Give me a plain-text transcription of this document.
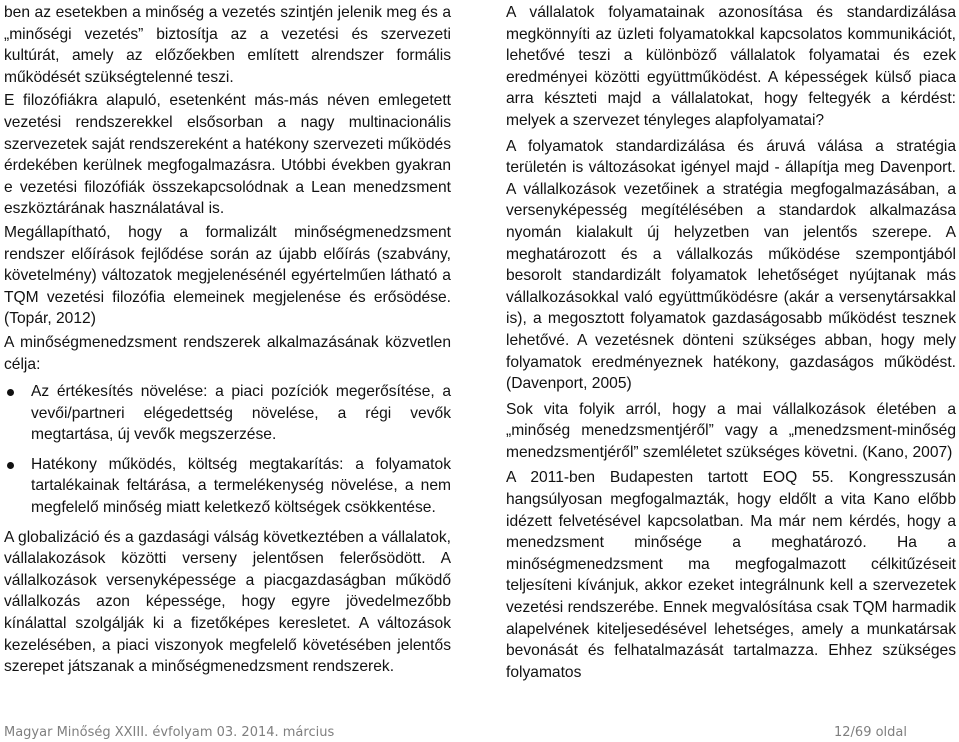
ben az esetekben a minőség a vezetés szintjén jelenik meg és a „minőségi vezetés” biztosítja az a vezetési és szervezeti kultúrát, amely az előzőekben említett alrendszer formális működését szükségtelenné teszi.

E filozófiákra alapuló, esetenként más-más néven emlegetett vezetési rendszerekkel elsősorban a nagy multinacionális szervezetek saját rendszereként a hatékony szervezeti működés érdekében kerülnek megfogalmazásra. Utóbbi években gyakran e vezetési filozófiák összekapcsolódnak a Lean menedzsment eszköztárának használatával is.

Megállapítható, hogy a formalizált minőségmenedzsment rendszer előírások fejlődése során az újabb előírás (szabvány, követelmény) változatok megjelenésénél egyértelműen látható a TQM vezetési filozófia elemeinek megjelenése és erősödése. (Topár, 2012)

A minőségmenedzsment rendszerek alkalmazásának közvetlen célja:

Az értékesítés növelése: a piaci pozíciók megerősítése, a vevői/partneri elégedettség növelése, a régi vevők megtartása, új vevők megszerzése.
Hatékony működés, költség megtakarítás: a folyamatok tartalékainak feltárása, a termelékenység növelése, a nem megfelelő minőség miatt keletkező költségek csökkentése.

A globalizáció és a gazdasági válság következtében a vállalatok, vállalakozások közötti verseny jelentősen felerősödött. A vállalkozások versenyképessége a piacgazdaságban működő vállalkozás azon képessége, hogy egyre jövedelmezőbb kínálattal szolgálják ki a fizetőképes keresletet. A változások kezelésében, a piaci viszonyok megfelelő követésében jelentős szerepet játszanak a minőségmenedzsment rendszerek.

A vállalatok folyamatainak azonosítása és standardizálása megkönnyíti az üzleti folyamatokkal kapcsolatos kommunikációt, lehetővé teszi a különböző vállalatok folyamatai és ezek eredményei közötti együttműködést. A képességek külső piaca arra készteti majd a vállalatokat, hogy feltegyék a kérdést: melyek a szervezet tényleges alapfolyamatai?

A folyamatok standardizálása és áruvá válása a stratégia területén is változásokat igényel majd - állapítja meg Davenport. A vállalkozások vezetőinek a stratégia megfogalmazásában, a versenyképesség megítélésében a standardok alkalmazása nyomán kialakult új helyzetben van jelentős szerepe. A meghatározott és a vállalkozás működése szempontjából besorolt standardizált folyamatok lehetőséget nyújtanak más vállalkozásokkal való együttműködésre (akár a versenytársakkal is), a megosztott folyamatok gazdaságosabb működést tesznek lehetővé. A vezetésnek dönteni szükséges abban, hogy mely folyamatok eredményeznek hatékony, gazdaságos működést. (Davenport, 2005)

Sok vita folyik arról, hogy a mai vállalkozások életében a „minőség menedzsmentjéről” vagy a „menedzsment-minőség menedzsmentjéről” szemléletet szükséges követni. (Kano, 2007)

A 2011-ben Budapesten tartott EOQ 55. Kongresszusán hangsúlyosan megfogalmazták, hogy eldőlt a vita Kano előbb idézett felvetésével kapcsolatban. Ma már nem kérdés, hogy a menedzsment minősége a meghatározó. Ha a minőségmenedzsment ma megfogalmazott célkitűzéseit teljesíteni kívánjuk, akkor ezeket integrálnunk kell a szervezetek vezetési rendszerébe. Ennek megvalósítása csak TQM harmadik alapelvének kiteljesedésével lehetséges, amely a munkatársak bevonását és felhatalmazását tartalmazza. Ehhez szükséges folyamatos

Magyar Minőség XXIII. évfolyam 03. 2014. március	12/69 oldal
